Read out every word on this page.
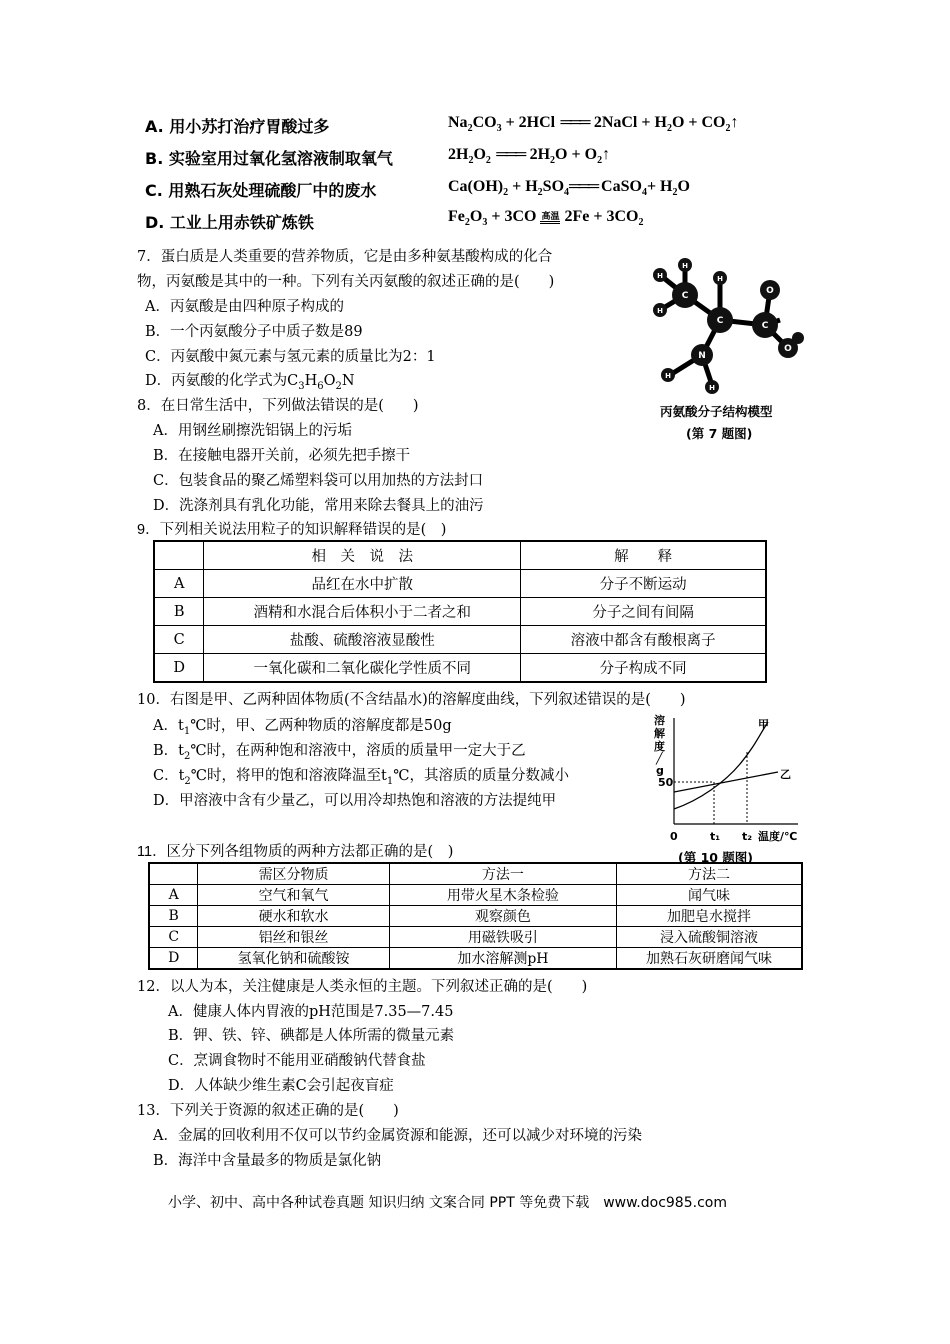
A. 用小苏打治疗胃酸过多	$Na_2CO_3 + 2HCl$  ═══  2NaCl + $H_2O$ + $CO_2↑$
B. 实验室用过氧化氢溶液制取氧气	$2H_2O_2$   ═══  $2H_2O$ + $O_2↑$
C. 用熟石灰处理硫酸厂中的废水	$Ca(OH)_2$ + $H_2SO_4═══$ CaSO$_4$+ $H_2O$
D. 工业上用赤铁矿炼铁	$Fe_2O_3 + 3CO$ 高温 $2Fe + 3CO_2$
7．蛋白质是人类重要的营养物质，它是由多种氨基酸构成的化合
物，丙氨酸是其中的一种。下列有关丙氨酸的叙述正确的是(　　)
A．丙氨酸是由四种原子构成的
B．一个丙氨酸分子中质子数是89
C．丙氨酸中氮元素与氢元素的质量比为2：1
D．丙氨酸的化学式为$C_3H_6O_2N$
C
C	C
N
O
O
H
H
H
H
H
H
丙氨酸分子结构模型
(第 7 题图)
8．在日常生活中，下列做法错误的是(　　)
A．用钢丝刷擦洗铝锅上的污垢
B．在接触电器开关前，必须先把手擦干
C．包装食品的聚乙烯塑料袋可以用加热的方法封口
D．洗涤剂具有乳化功能，常用来除去餐具上的油污
9．下列相关说法用粒子的知识解释错误的是(　)
	相　关　说　法	解　　释
A	品红在水中扩散	分子不断运动
B	酒精和水混合后体积小于二者之和	分子之间有间隔
C	盐酸、硫酸溶液显酸性	溶液中都含有酸根离子
D	一氧化碳和二氧化碳化学性质不同	分子构成不同
10．右图是甲、乙两种固体物质(不含结晶水)的溶解度曲线，下列叙述错误的是(　　)
A．$t_1℃$时，甲、乙两种物质的溶解度都是50g
B．$t_2℃$时，在两种饱和溶液中，溶质的质量甲一定大于乙
C．$t_2℃$时，将甲的饱和溶液降温至$t_1℃$，其溶质的质量分数减小
D．甲溶液中含有少量乙，可以用冷却热饱和溶液的方法提纯甲
溶
解
度
╱
g
50
0	t₁ t₂ 温度/℃
甲
乙
(第 10 题图)
11．区分下列各组物质的两种方法都正确的是(　)
	需区分物质	方法一	方法二
A	空气和氧气	用带火星木条检验	闻气味
B	硬水和软水	观察颜色	加肥皂水搅拌
C	铝丝和银丝	用磁铁吸引	浸入硫酸铜溶液
D	氢氧化钠和硫酸铵	加水溶解测pH	加熟石灰研磨闻气味
12．以人为本，关注健康是人类永恒的主题。下列叙述正确的是(　　)
A．健康人体内胃液的pH范围是7.35—7.45
B．钾、铁、锌、碘都是人体所需的微量元素
C．烹调食物时不能用亚硝酸钠代替食盐
D．人体缺少维生素C会引起夜盲症
13．下列关于资源的叙述正确的是(　　)
A．金属的回收利用不仅可以节约金属资源和能源，还可以减少对环境的污染
B．海洋中含量最多的物质是氯化钠
小学、初中、高中各种试卷真题 知识归纳 文案合同 PPT 等免费下载　www.doc985.com
